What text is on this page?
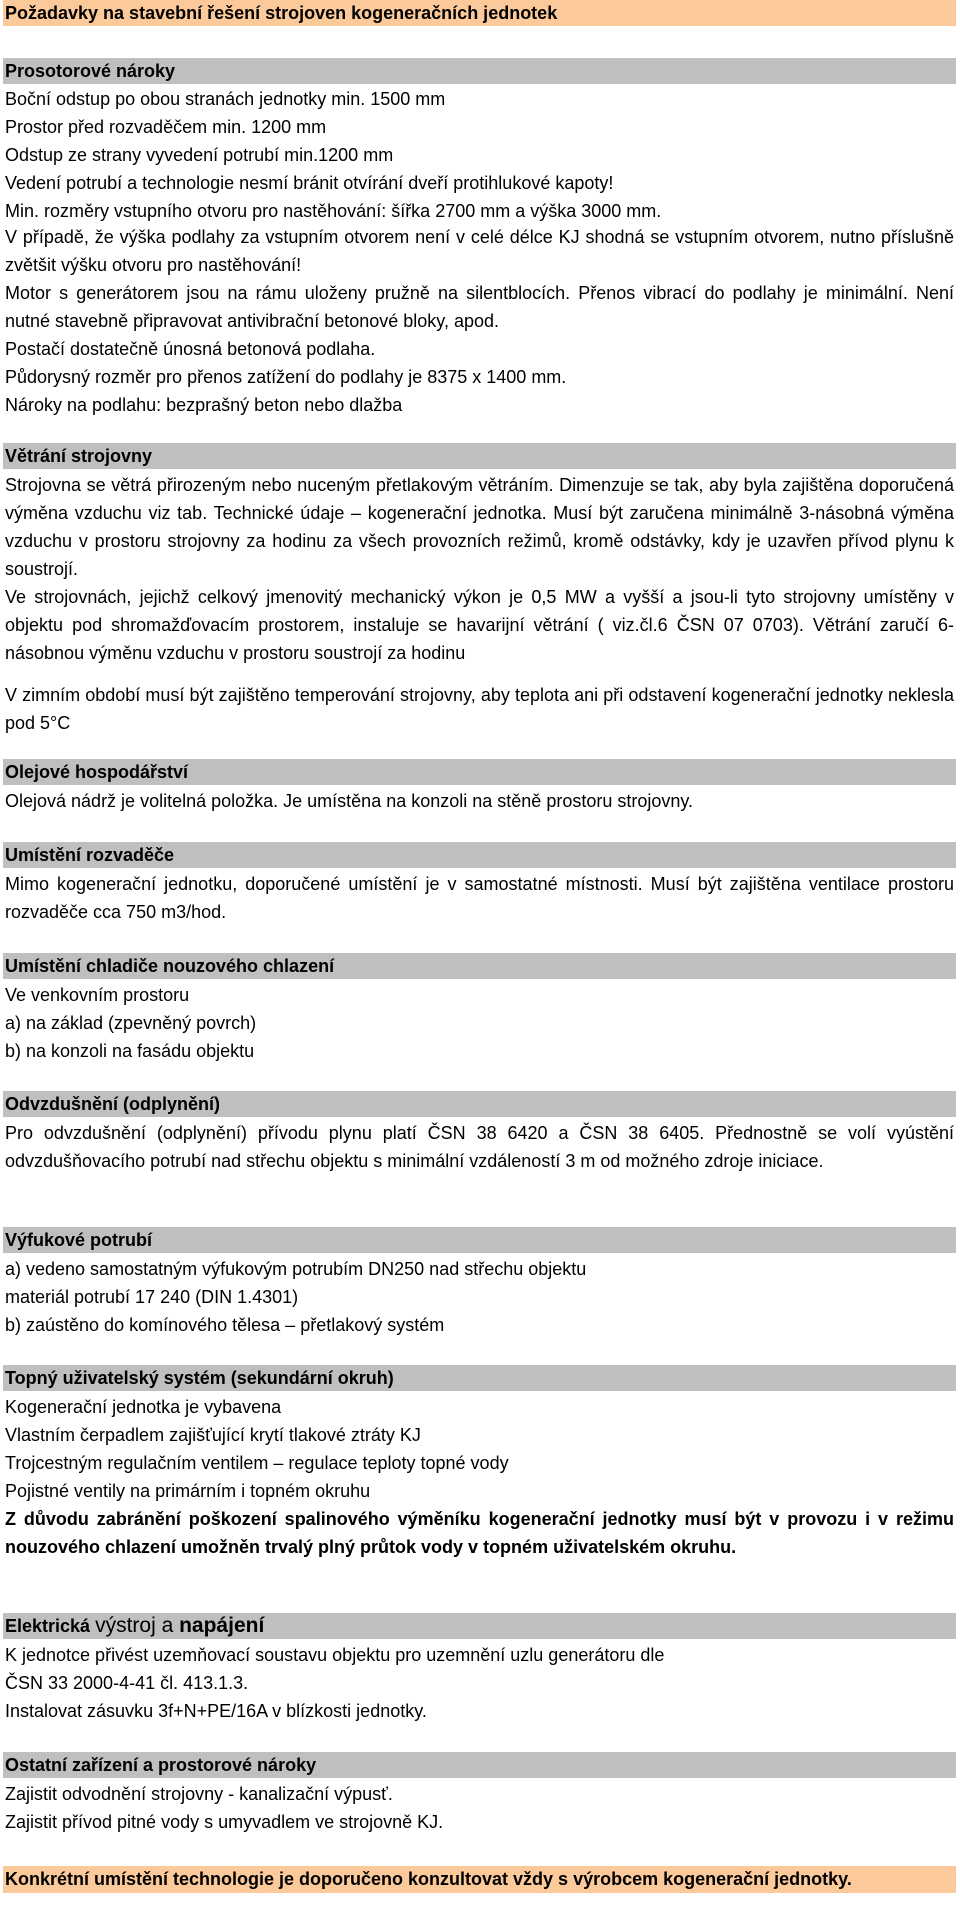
Požadavky na stavební řešení strojoven kogeneračních jednotek
Prosotorové nároky
Boční odstup po obou stranách jednotky min. 1500 mm
Prostor před rozvaděčem min. 1200 mm
Odstup ze strany vyvedení potrubí min.1200 mm
Vedení potrubí a technologie nesmí bránit otvírání dveří protihlukové kapoty!
Min. rozměry vstupního otvoru pro nastěhování: šířka 2700 mm a výška 3000 mm.
V případě, že výška podlahy za vstupním otvorem není v celé délce KJ shodná se vstupním otvorem, nutno příslušně zvětšit výšku otvoru pro nastěhování!
Motor s generátorem jsou na rámu uloženy pružně na silentblocích. Přenos vibrací do podlahy je minimální. Není nutné stavebně připravovat antivibrační betonové bloky, apod.
Postačí dostatečně únosná betonová podlaha.
Půdorysný rozměr pro přenos zatížení do podlahy je 8375 x 1400 mm.
Nároky na podlahu: bezprašný beton nebo dlažba
Větrání strojovny
Strojovna se větrá přirozeným nebo nuceným přetlakovým větráním. Dimenzuje se tak, aby byla zajištěna doporučená výměna vzduchu viz tab. Technické údaje – kogenerační jednotka. Musí být zaručena minimálně 3-násobná výměna vzduchu v prostoru strojovny za hodinu za všech provozních režimů, kromě odstávky, kdy je uzavřen přívod plynu k soustrojí.
Ve strojovnách, jejichž celkový jmenovitý mechanický výkon je 0,5 MW a vyšší a jsou-li tyto strojovny umístěny v objektu pod shromažďovacím prostorem, instaluje se havarijní větrání ( viz.čl.6 ČSN 07 0703). Větrání zaručí 6-násobnou výměnu vzduchu v prostoru soustrojí za hodinu
V zimním období musí být zajištěno temperování strojovny, aby teplota ani při odstavení kogenerační jednotky neklesla pod 5°C
Olejové hospodářství
Olejová nádrž je volitelná položka. Je umístěna na konzoli na stěně prostoru strojovny.
Umístění rozvaděče
Mimo kogenerační jednotku, doporučené umístění je v samostatné místnosti. Musí být zajištěna ventilace prostoru rozvaděče cca 750 m3/hod.
Umístění chladiče nouzového chlazení
Ve venkovním prostoru
a) na základ (zpevněný povrch)
b) na konzoli na fasádu objektu
Odvzdušnění (odplynění)
Pro odvzdušnění (odplynění) přívodu plynu platí ČSN 38 6420 a ČSN 38 6405. Přednostně se volí vyústění odvzdušňovacího potrubí nad střechu objektu s minimální vzdáleností 3 m od možného zdroje iniciace.
Výfukové potrubí
a) vedeno samostatným výfukovým potrubím DN250 nad střechu objektu
materiál potrubí 17 240 (DIN 1.4301)
b) zaústěno do komínového tělesa – přetlakový systém
Topný uživatelský systém (sekundární okruh)
Kogenerační jednotka je vybavena
Vlastním čerpadlem zajišťující krytí tlakové ztráty KJ
Trojcestným regulačním ventilem – regulace teploty topné vody
Pojistné ventily na primárním i topném okruhu
Z důvodu zabránění poškození spalinového výměníku kogenerační jednotky musí být v provozu i v režimu nouzového chlazení umožněn trvalý plný průtok vody v topném uživatelském okruhu.
Elektrická výstroj a napájení
K jednotce přivést uzemňovací soustavu objektu pro uzemnění uzlu generátoru dle
ČSN 33 2000-4-41 čl. 413.1.3.
Instalovat zásuvku 3f+N+PE/16A v blízkosti jednotky.
Ostatní zařízení a prostorové nároky
Zajistit odvodnění strojovny - kanalizační výpusť.
Zajistit přívod pitné vody s umyvadlem ve strojovně KJ.
Konkrétní umístění technologie je doporučeno konzultovat vždy s výrobcem kogenerační jednotky.
